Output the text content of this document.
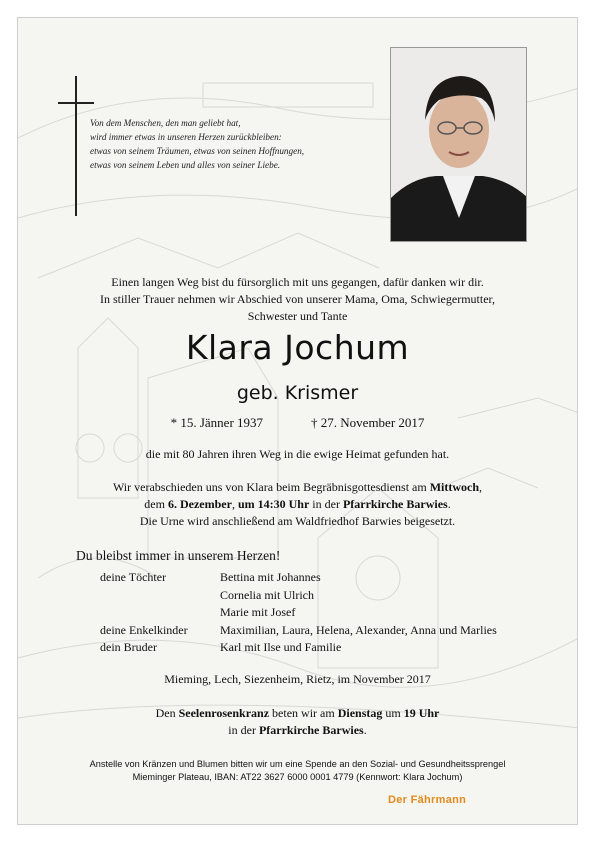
Von dem Menschen, den man geliebt hat,
wird immer etwas in unseren Herzen zurückbleiben:
etwas von seinem Träumen, etwas von seinen Hoffnungen,
etwas von seinem Leben und alles von seiner Liebe.
Einen langen Weg bist du fürsorglich mit uns gegangen, dafür danken wir dir.
In stiller Trauer nehmen wir Abschied von unserer Mama, Oma, Schwiegermutter,
Schwester und Tante
Klara Jochum
geb. Krismer
* 15. Jänner 1937	† 27. November 2017
die mit 80 Jahren ihren Weg in die ewige Heimat gefunden hat.
Wir verabschieden uns von Klara beim Begräbnisgottesdienst am Mittwoch,
dem 6. Dezember, um 14:30 Uhr in der Pfarrkirche Barwies.
Die Urne wird anschließend am Waldfriedhof Barwies beigesetzt.
Du bleibst immer in unserem Herzen!
deine Töchter	Bettina mit Johannes
Cornelia mit Ulrich
Marie mit Josef
deine Enkelkinder	Maximilian, Laura, Helena, Alexander, Anna und Marlies
dein Bruder	Karl mit Ilse und Familie
Mieming, Lech, Siezenheim, Rietz, im November 2017
Den Seelenrosenkranz beten wir am Dienstag um 19 Uhr
in der Pfarrkirche Barwies.
Anstelle von Kränzen und Blumen bitten wir um eine Spende an den Sozial- und Gesundheitssprengel
Mieminger Plateau, IBAN: AT22 3627 6000 0001 4779 (Kennwort: Klara Jochum)
Der Fährmann
